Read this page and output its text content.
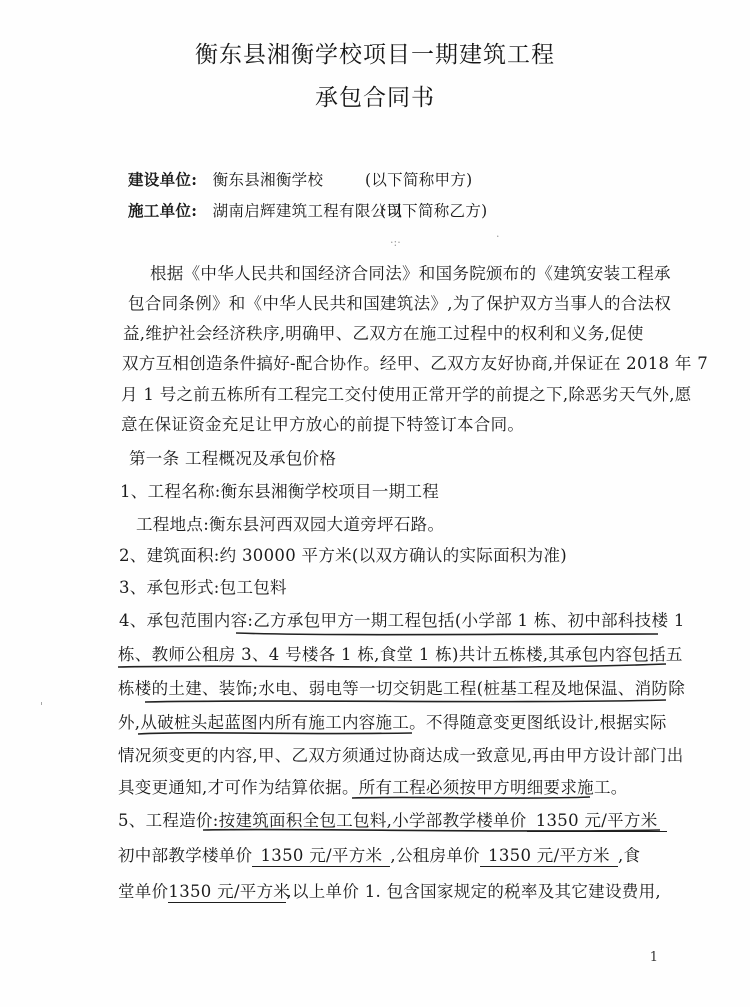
衡东县湘衡学校项目一期建筑工程
承包合同书
建设单位: 衡东县湘衡学校	(以下简称甲方)
施工单位: 湖南启辉建筑工程有限公司
(以下简称乙方)
·:·	·
'
根据《中华人民共和国经济合同法》和国务院颁布的《建筑安装工程承
包合同条例》和《中华人民共和国建筑法》,为了保护双方当事人的合法权
益,维护社会经济秩序,明确甲、乙双方在施工过程中的权利和义务,促使
双方互相创造条件搞好-配合协作。经甲、乙双方友好协商,并保证在 2018 年 7
月 1 号之前五栋所有工程完工交付使用正常开学的前提之下,除恶劣天气外,愿
意在保证资金充足让甲方放心的前提下特签订本合同。
第一条 工程概况及承包价格
1、工程名称:衡东县湘衡学校项目一期工程
工程地点:衡东县河西双园大道旁坪石路。
2、建筑面积:约 30000 平方米(以双方确认的实际面积为准)
3、承包形式:包工包料
4、承包范围内容:乙方承包甲方一期工程包括(小学部 1 栋、初中部科技楼 1
栋、教师公租房 3、4 号楼各 1 栋,食堂 1 栋)共计五栋楼,其承包内容包括五
栋楼的土建、装饰;水电、弱电等一切交钥匙工程(桩基工程及地保温、消防除
外,从破桩头起蓝图内所有施工内容施工。不得随意变更图纸设计,根据实际
情况须变更的内容,甲、乙双方须通过协商达成一致意见,再由甲方设计部门出
具变更通知,才可作为结算依据。所有工程必须按甲方明细要求施工。
5、工程造价:按建筑面积全包工包料,小学部教学楼单价 1350 元/平方米
初中部教学楼单价 1350 元/平方米 ,公租房单价 1350 元/平方米 ,食
堂单价1350 元/平方米,以上单价 1. 包含国家规定的税率及其它建设费用,
1
